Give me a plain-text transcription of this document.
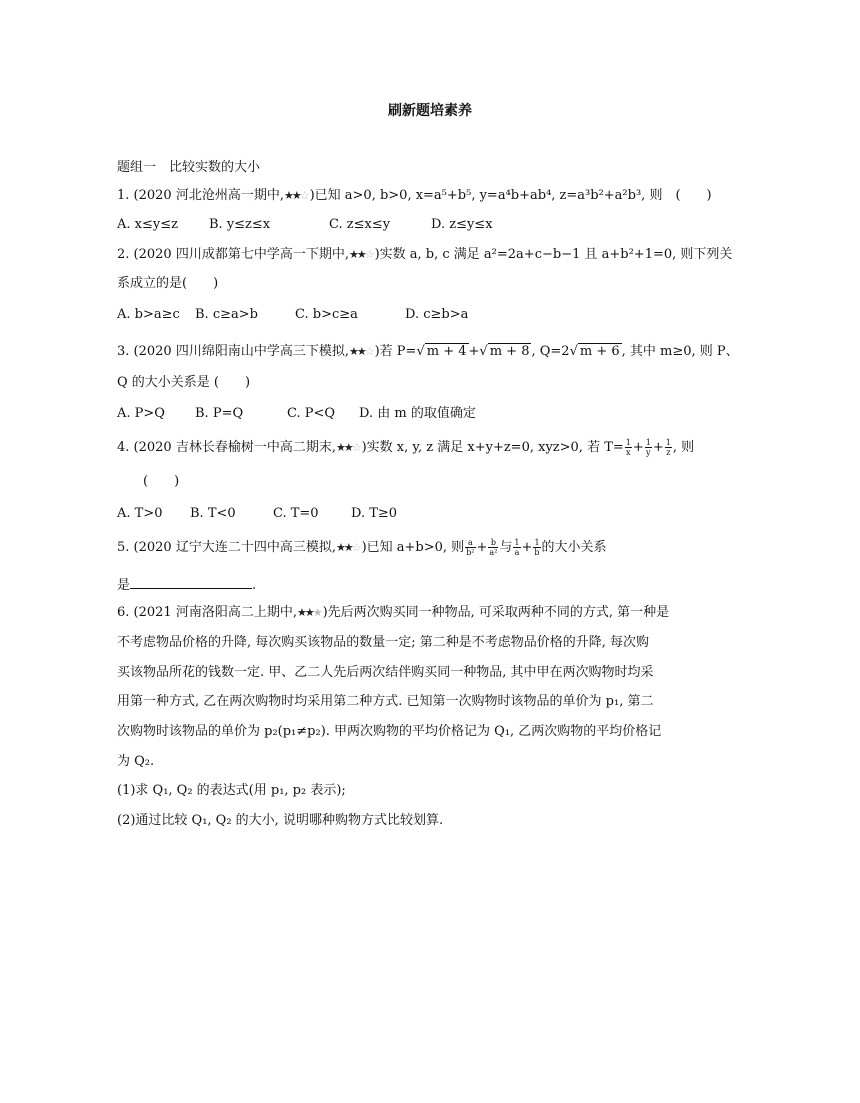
刷新题培素养
题组一　比较实数的大小
1. (2020 河北沧州高一期中,★★☆ )已知 a>0, b>0, x=a⁵+b⁵, y=a⁴b+ab⁴, z=a³b²+a²b³, 则　(　　)
A. x≤y≤z B. y≤z≤x	C. z≤x≤y	D. z≤y≤x
2. (2020 四川成都第七中学高一下期中,★★☆ )实数 a, b, c 满足 a²=2a+c−b−1 且 a+b²+1=0, 则下列关
系成立的是(　　)
A. b>a≥c B. c≥a>b	C. b>c≥a	D. c≥b>a
3. (2020 四川绵阳南山中学高三下模拟,★★☆ )若 P=√ m + 4 +√ m + 8 , Q=2√ m + 6 , 其中 m≥0, 则 P、
Q 的大小关系是 (　　)
A. P>Q B. P=Q	C. P<Q D. 由 m 的取值确定
4. (2020 吉林长春榆树一中高二期末,★★☆ )实数 x, y, z 满足 x+y+z=0, xyz>0, 若 $T= \frac{1}{x} + \frac{1}{y} + \frac{1}{z}$ , 则
(　　)
A. T>0 B. T<0	C. T=0 D. T≥0
5. (2020 辽宁大连二十四中高三模拟,★★☆ )已知 a+b>0, 则 $\frac{a}{\text{b²}} + \frac{b}{\text{a²}}$ 与 $\frac{1}{a} + \frac{1}{b}$ 的大小关系
是	.
6. (2021 河南洛阳高二上期中,★★★ )先后两次购买同一种物品, 可采取两种不同的方式, 第一种是
不考虑物品价格的升降, 每次购买该物品的数量一定; 第二种是不考虑物品价格的升降, 每次购
买该物品所花的钱数一定. 甲、乙二人先后两次结伴购买同一种物品, 其中甲在两次购物时均采
用第一种方式, 乙在两次购物时均采用第二种方式. 已知第一次购物时该物品的单价为 p₁, 第二
次购物时该物品的单价为 p₂(p₁≠p₂). 甲两次购物的平均价格记为 Q₁, 乙两次购物的平均价格记
为 Q₂.
(1)求 Q₁, Q₂ 的表达式(用 p₁, p₂ 表示);
(2)通过比较 Q₁, Q₂ 的大小, 说明哪种购物方式比较划算.
